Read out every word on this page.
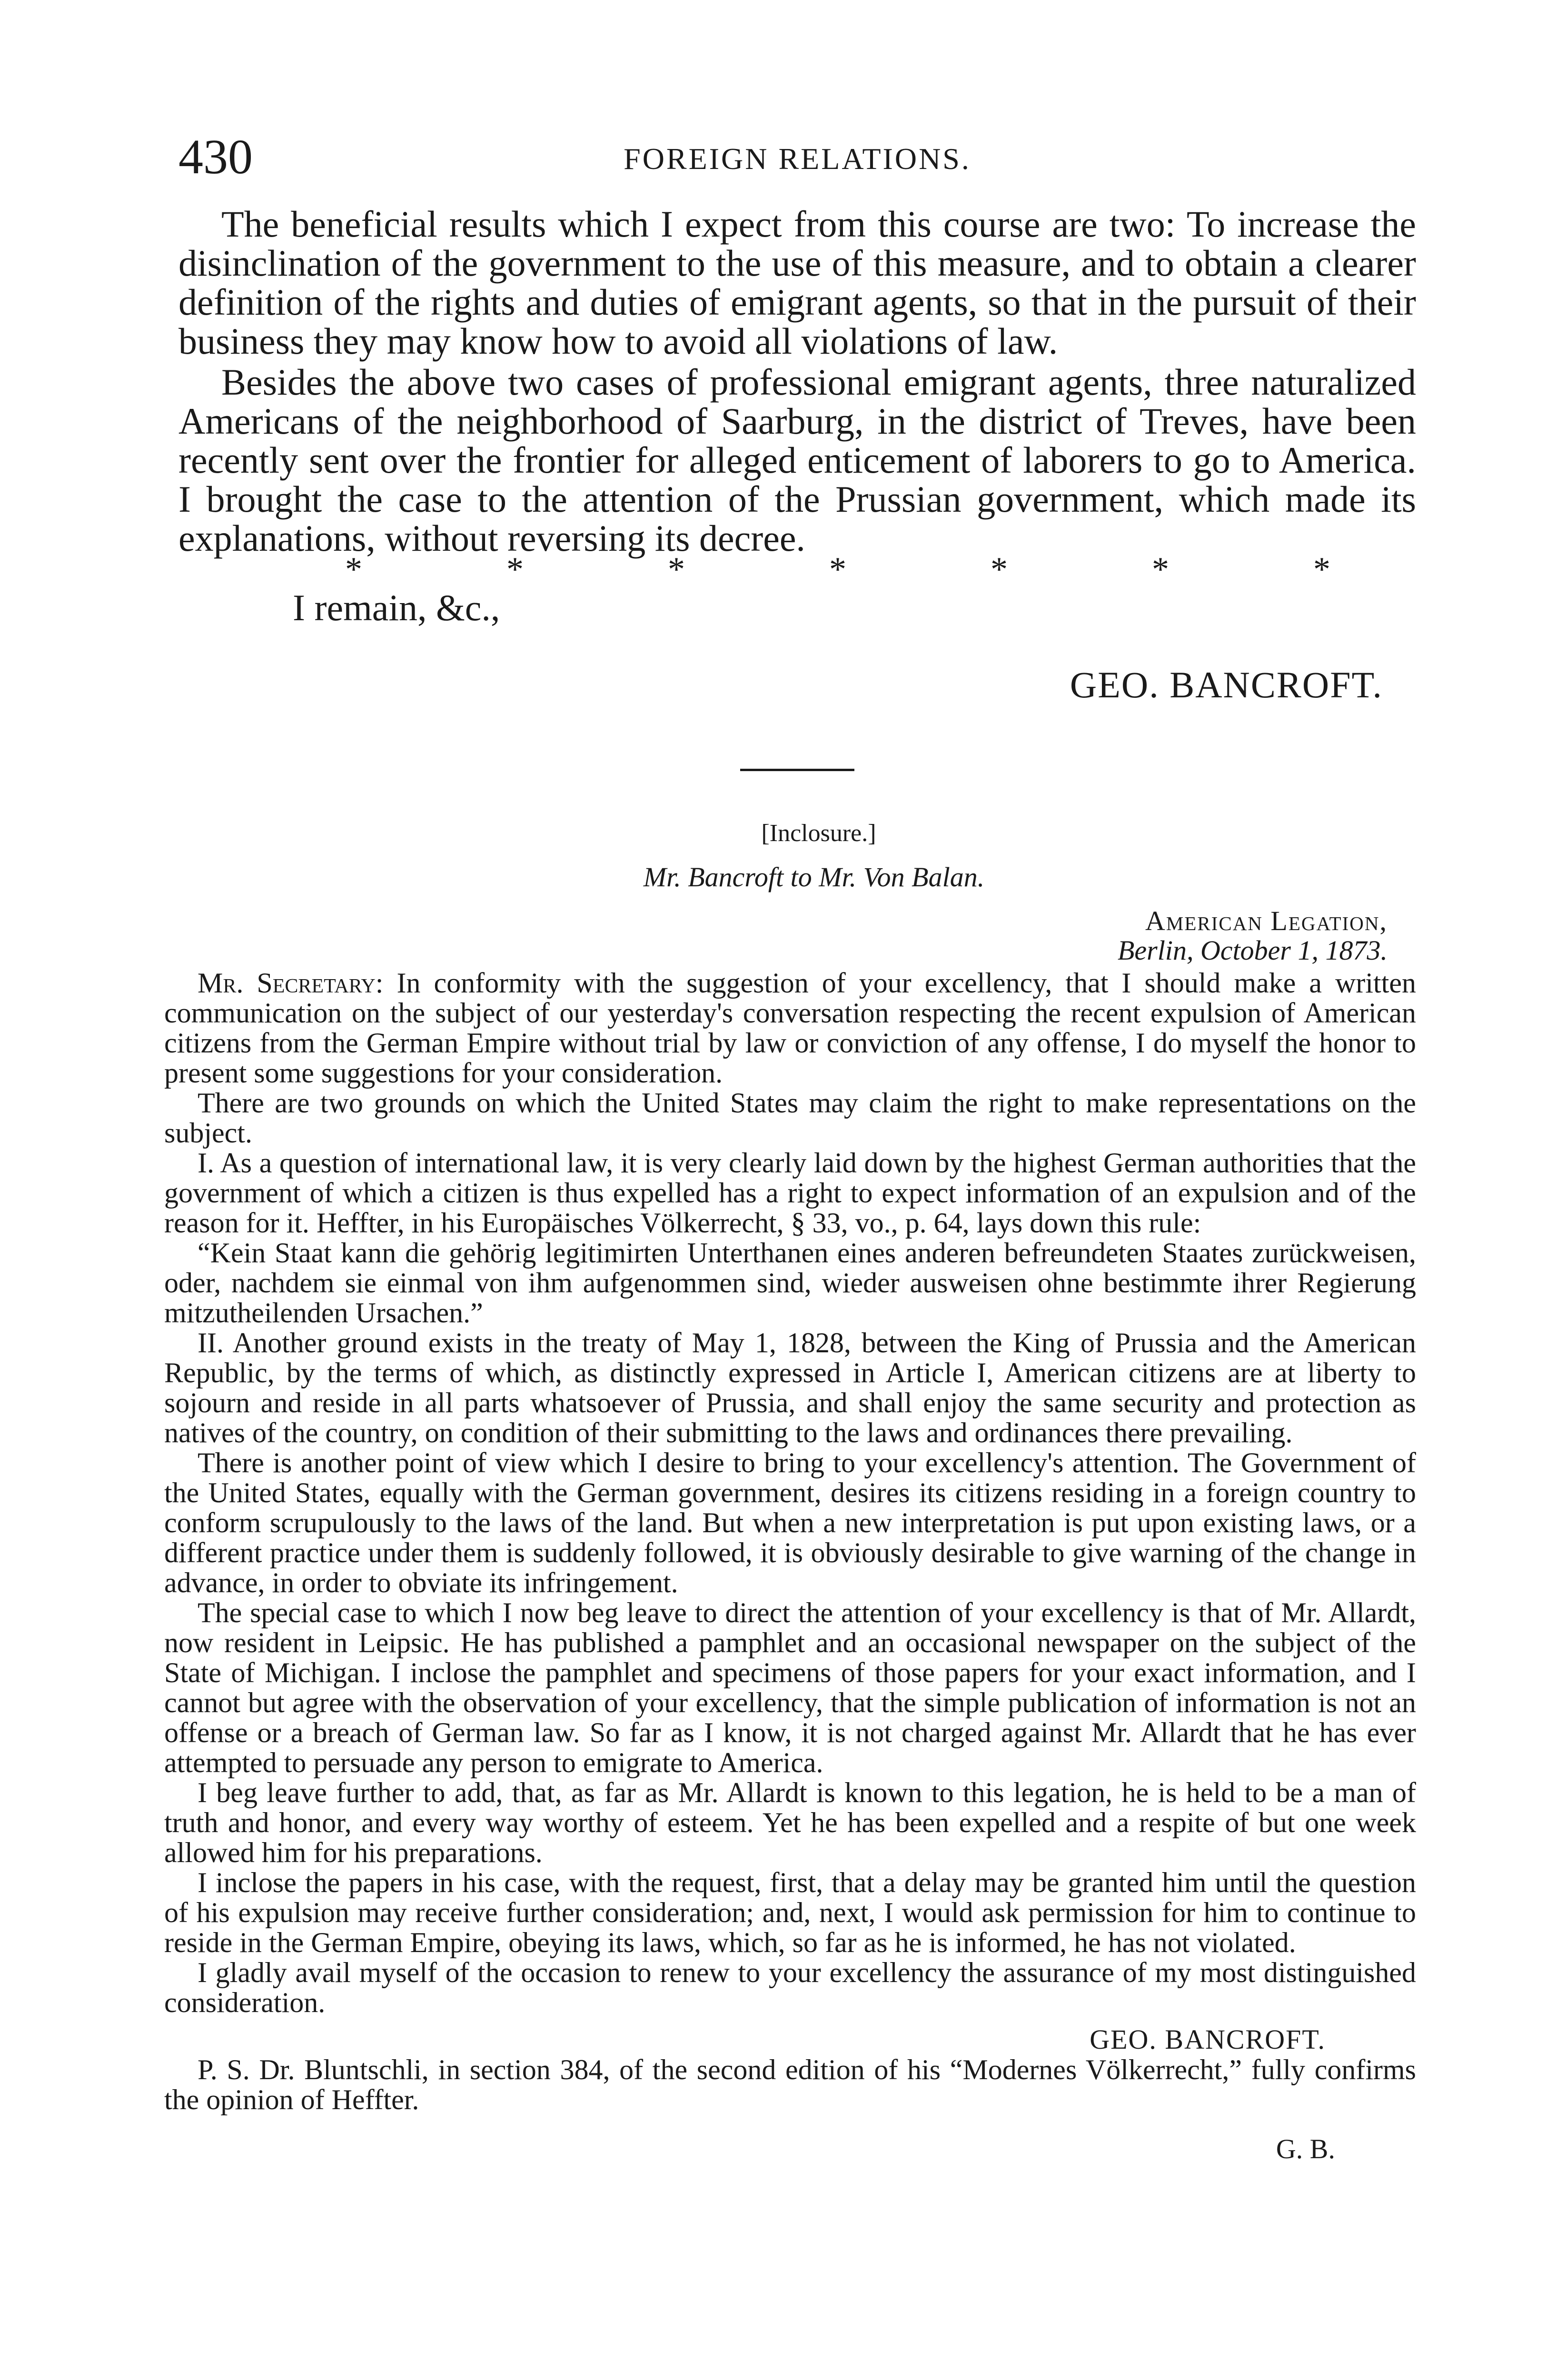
430	FOREIGN RELATIONS.

The beneficial results which I expect from this course are two: To increase the disinclination of the government to the use of this measure, and to obtain a clearer definition of the rights and duties of emigrant agents, so that in the pursuit of their business they may know how to avoid all violations of law.

Besides the above two cases of professional emigrant agents, three naturalized Americans of the neighborhood of Saarburg, in the district of Treves, have been recently sent over the frontier for alleged enticement of laborers to go to America. I brought the case to the attention of the Prussian government, which made its explanations, without reversing its decree.

*	*	*	*	*	*	*
I remain, &c.,
GEO. BANCROFT.
[Inclosure.]
Mr. Bancroft to Mr. Von Balan.
American Legation,
Berlin, October 1, 1873.

Mr. Secretary: In conformity with the suggestion of your excellency, that I should make a written communication on the subject of our yesterday's conversation respecting the recent expulsion of American citizens from the German Empire without trial by law or conviction of any offense, I do myself the honor to present some suggestions for your consideration.

There are two grounds on which the United States may claim the right to make representations on the subject.

I. As a question of international law, it is very clearly laid down by the highest German authorities that the government of which a citizen is thus expelled has a right to expect information of an expulsion and of the reason for it. Heffter, in his Europäisches Völkerrecht, § 33, vo., p. 64, lays down this rule:

“Kein Staat kann die gehörig legitimirten Unterthanen eines anderen befreundeten Staates zurückweisen, oder, nachdem sie einmal von ihm aufgenommen sind, wieder ausweisen ohne bestimmte ihrer Regierung mitzutheilenden Ursachen.”

II. Another ground exists in the treaty of May 1, 1828, between the King of Prussia and the American Republic, by the terms of which, as distinctly expressed in Article I, American citizens are at liberty to sojourn and reside in all parts whatsoever of Prussia, and shall enjoy the same security and protection as natives of the country, on condition of their submitting to the laws and ordinances there prevailing.

There is another point of view which I desire to bring to your excellency's attention. The Government of the United States, equally with the German government, desires its citizens residing in a foreign country to conform scrupulously to the laws of the land. But when a new interpretation is put upon existing laws, or a different practice under them is suddenly followed, it is obviously desirable to give warning of the change in advance, in order to obviate its infringement.

The special case to which I now beg leave to direct the attention of your excellency is that of Mr. Allardt, now resident in Leipsic. He has published a pamphlet and an occasional newspaper on the subject of the State of Michigan. I inclose the pamphlet and specimens of those papers for your exact information, and I cannot but agree with the observation of your excellency, that the simple publication of information is not an offense or a breach of German law. So far as I know, it is not charged against Mr. Allardt that he has ever attempted to persuade any person to emigrate to America.

I beg leave further to add, that, as far as Mr. Allardt is known to this legation, he is held to be a man of truth and honor, and every way worthy of esteem. Yet he has been expelled and a respite of but one week allowed him for his preparations.

I inclose the papers in his case, with the request, first, that a delay may be granted him until the question of his expulsion may receive further consideration; and, next, I would ask permission for him to continue to reside in the German Empire, obeying its laws, which, so far as he is informed, he has not violated.

I gladly avail myself of the occasion to renew to your excellency the assurance of my most distinguished consideration.

GEO. BANCROFT.

P. S. Dr. Bluntschli, in section 384, of the second edition of his “Modernes Völkerrecht,” fully confirms the opinion of Heffter.

G. B.
